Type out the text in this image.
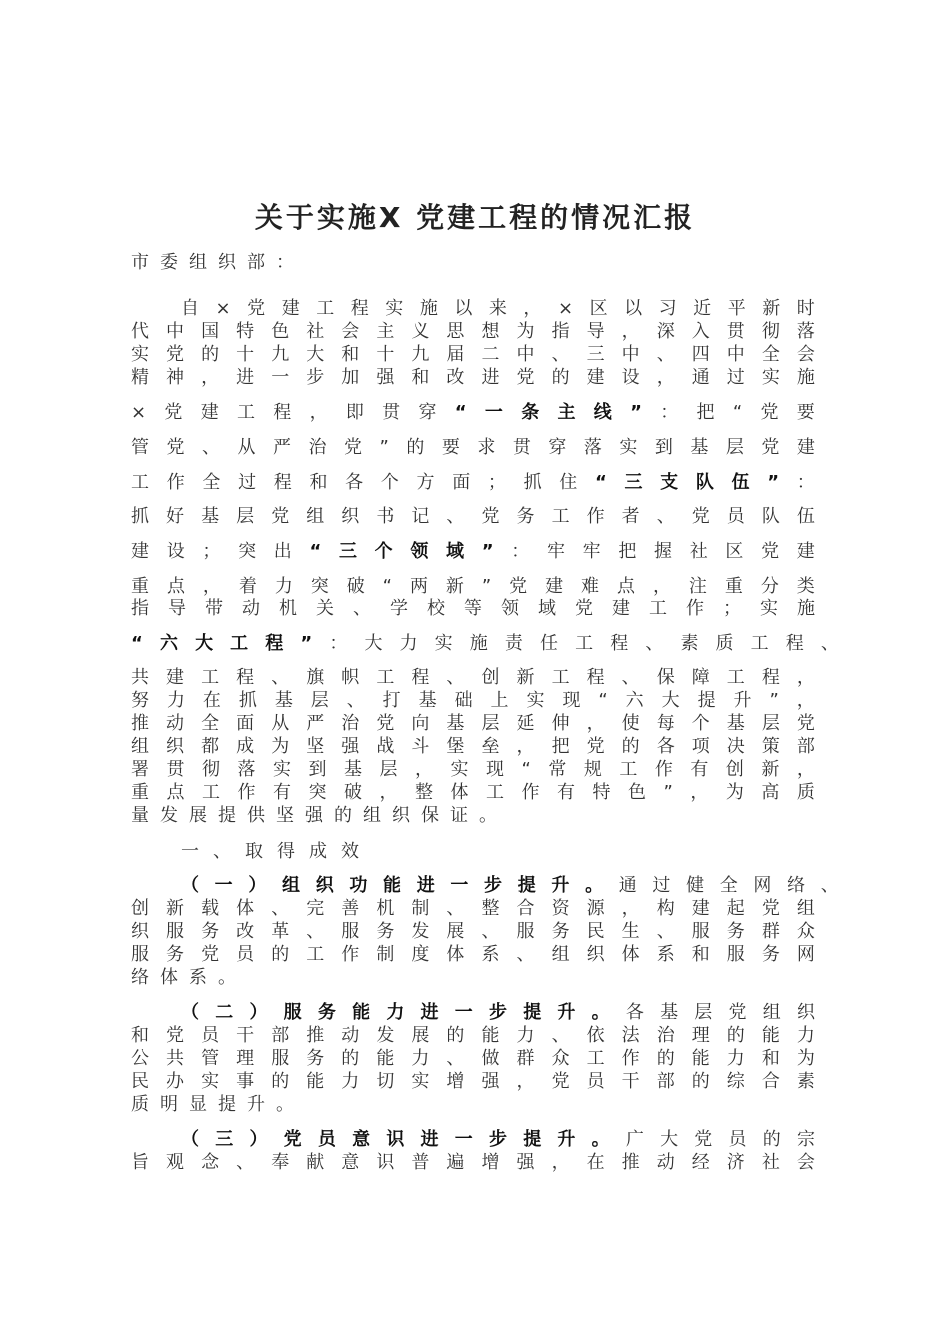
关于实施X 党建工程的情况汇报
市 委 组 织 部 ：
自 × 党 建 工 程 实 施 以 来 ， × 区 以 习 近 平 新 时
代 中 国 特 色 社 会 主 义 思 想 为 指 导 ， 深 入 贯 彻 落
实 党 的 十 九 大 和 十 九 届 二 中 、 三 中 、 四 中 全 会
精 神 ， 进 一 步 加 强 和 改 进 党 的 建 设 ， 通 过 实 施
× 党 建 工 程 ， 即 贯 穿 “ 一 条 主 线 ” ： 把 “ 党 要
管 党 、 从 严 治 党 ” 的 要 求 贯 穿 落 实 到 基 层 党 建
工 作 全 过 程 和 各 个 方 面 ； 抓 住 “ 三 支 队 伍 ” ：
抓 好 基 层 党 组 织 书 记 、 党 务 工 作 者 、 党 员 队 伍
建 设 ； 突 出 “ 三 个 领 域 ” ： 牢 牢 把 握 社 区 党 建
重 点 ， 着 力 突 破 “ 两 新 ” 党 建 难 点 ， 注 重 分 类
指 导 带 动 机 关 、 学 校 等 领 域 党 建 工 作 ； 实 施
“ 六 大 工 程 ” ： 大 力 实 施 责 任 工 程 、 素 质 工 程 、
共 建 工 程 、 旗 帜 工 程 、 创 新 工 程 、 保 障 工 程 ，
努 力 在 抓 基 层 、 打 基 础 上 实 现 “ 六 大 提 升 ” ，
推 动 全 面 从 严 治 党 向 基 层 延 伸 ， 使 每 个 基 层 党
组 织 都 成 为 坚 强 战 斗 堡 垒 ， 把 党 的 各 项 决 策 部
署 贯 彻 落 实 到 基 层 ， 实 现 “ 常 规 工 作 有 创 新 ，
重 点 工 作 有 突 破 ， 整 体 工 作 有 特 色 ” ， 为 高 质
量 发 展 提 供 坚 强 的 组 织 保 证 。
一 、 取 得 成 效
（ 一 ） 组 织 功 能 进 一 步 提 升 。 通 过 健 全 网 络 、
创 新 载 体 、 完 善 机 制 、 整 合 资 源 ， 构 建 起 党 组
织 服 务 改 革 、 服 务 发 展 、 服 务 民 生 、 服 务 群 众
服 务 党 员 的 工 作 制 度 体 系 、 组 织 体 系 和 服 务 网
络 体 系 。
（ 二 ） 服 务 能 力 进 一 步 提 升 。 各 基 层 党 组 织
和 党 员 干 部 推 动 发 展 的 能 力 、 依 法 治 理 的 能 力
公 共 管 理 服 务 的 能 力 、 做 群 众 工 作 的 能 力 和 为
民 办 实 事 的 能 力 切 实 增 强 ， 党 员 干 部 的 综 合 素
质 明 显 提 升 。
（ 三 ） 党 员 意 识 进 一 步 提 升 。 广 大 党 员 的 宗
旨 观 念 、 奉 献 意 识 普 遍 增 强 ， 在 推 动 经 济 社 会
